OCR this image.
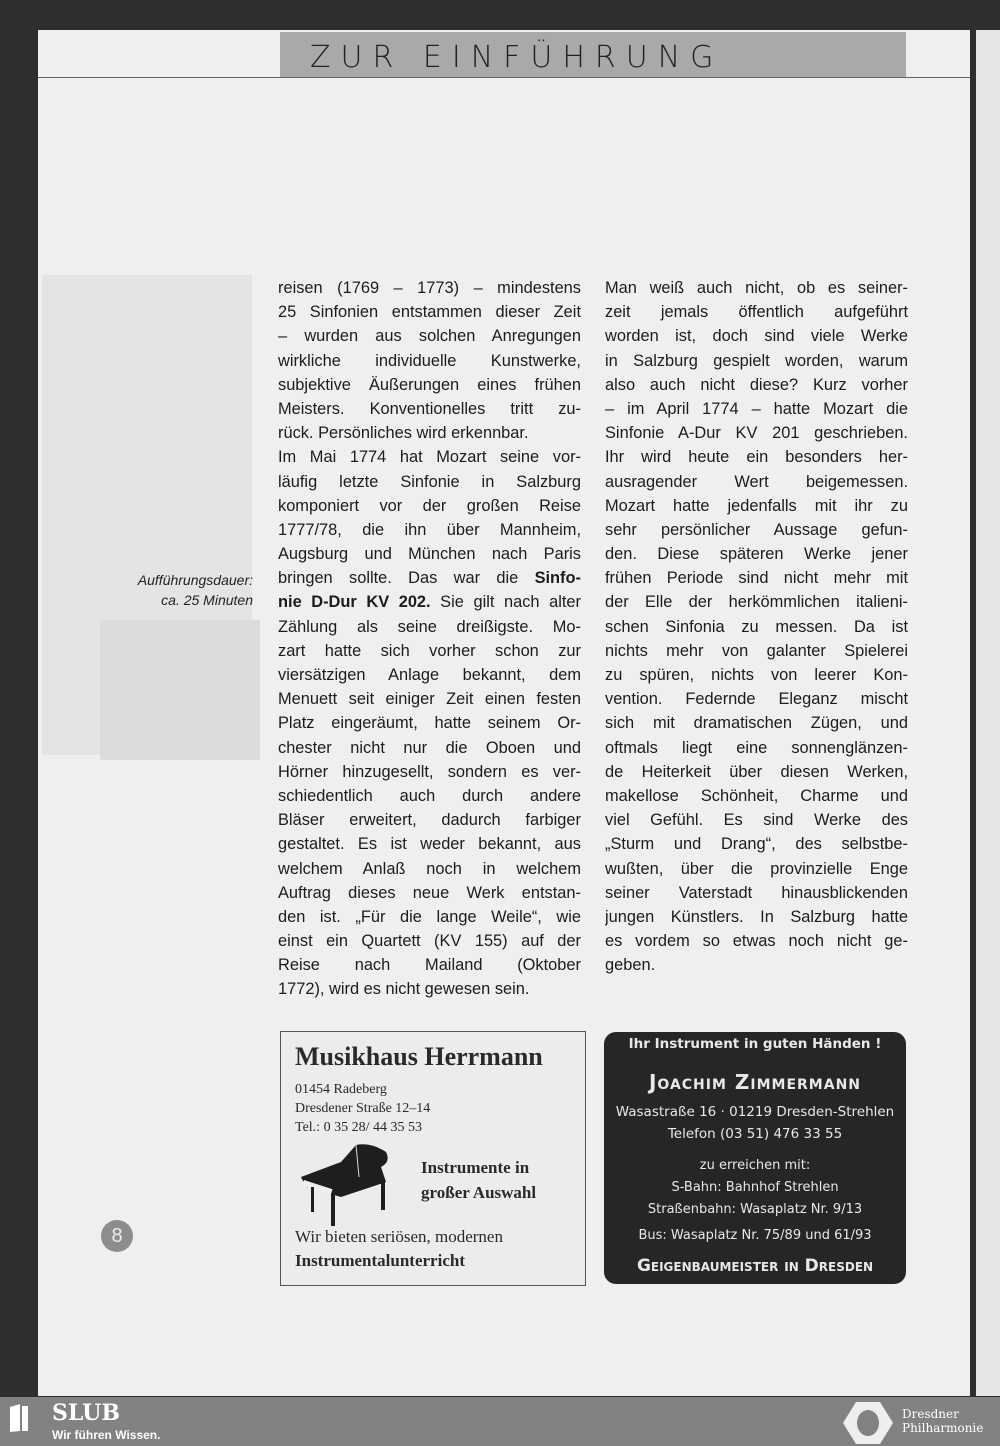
ZUR EINFÜHRUNG
Aufführungsdauer:
ca. 25 Minuten
reisen (1769 – 1773) – mindestens
25 Sinfonien entstammen dieser Zeit
– wurden aus solchen Anregungen
wirkliche individuelle Kunstwerke,
subjektive Äußerungen eines frühen
Meisters. Konventionelles tritt zu-
rück. Persönliches wird erkennbar.
Im Mai 1774 hat Mozart seine vor-
läufig letzte Sinfonie in Salzburg
komponiert vor der großen Reise
1777/78, die ihn über Mannheim,
Augsburg und München nach Paris
bringen sollte. Das war die Sinfo-
nie D-Dur KV 202. Sie gilt nach alter
Zählung als seine dreißigste. Mo-
zart hatte sich vorher schon zur
viersätzigen Anlage bekannt, dem
Menuett seit einiger Zeit einen festen
Platz eingeräumt, hatte seinem Or-
chester nicht nur die Oboen und
Hörner hinzugesellt, sondern es ver-
schiedentlich auch durch andere
Bläser erweitert, dadurch farbiger
gestaltet. Es ist weder bekannt, aus
welchem Anlaß noch in welchem
Auftrag dieses neue Werk entstan-
den ist. „Für die lange Weile“, wie
einst ein Quartett (KV 155) auf der
Reise nach Mailand (Oktober
1772), wird es nicht gewesen sein.
Man weiß auch nicht, ob es seiner-
zeit jemals öffentlich aufgeführt
worden ist, doch sind viele Werke
in Salzburg gespielt worden, warum
also auch nicht diese? Kurz vorher
– im April 1774 – hatte Mozart die
Sinfonie A-Dur KV 201 geschrieben.
Ihr wird heute ein besonders her-
ausragender Wert beigemessen.
Mozart hatte jedenfalls mit ihr zu
sehr persönlicher Aussage gefun-
den. Diese späteren Werke jener
frühen Periode sind nicht mehr mit
der Elle der herkömmlichen italieni-
schen Sinfonia zu messen. Da ist
nichts mehr von galanter Spielerei
zu spüren, nichts von leerer Kon-
vention. Federnde Eleganz mischt
sich mit dramatischen Zügen, und
oftmals liegt eine sonnenglänzen-
de Heiterkeit über diesen Werken,
makellose Schönheit, Charme und
viel Gefühl. Es sind Werke des
„Sturm und Drang“, des selbstbe-
wußten, über die provinzielle Enge
seiner Vaterstadt hinausblickenden
jungen Künstlers. In Salzburg hatte
es vordem so etwas noch nicht ge-
geben.
Musikhaus Herrmann
01454 Radeberg
Dresdener Straße 12–14
Tel.: 0 35 28/ 44 35 53
Instrumente in
großer Auswahl
Wir bieten seriösen, modernen
Instrumentalunterricht
Ihr Instrument in guten Händen !
Joachim Zimmermann
Wasastraße 16 · 01219 Dresden-Strehlen
Telefon (03 51) 476 33 55
zu erreichen mit:
S-Bahn: Bahnhof Strehlen
Straßenbahn: Wasaplatz Nr. 9/13
Bus: Wasaplatz Nr. 75/89 und 61/93
Geigenbaumeister in Dresden
8
SLUB
Wir führen Wissen.
Dresdner
Philharmonie
